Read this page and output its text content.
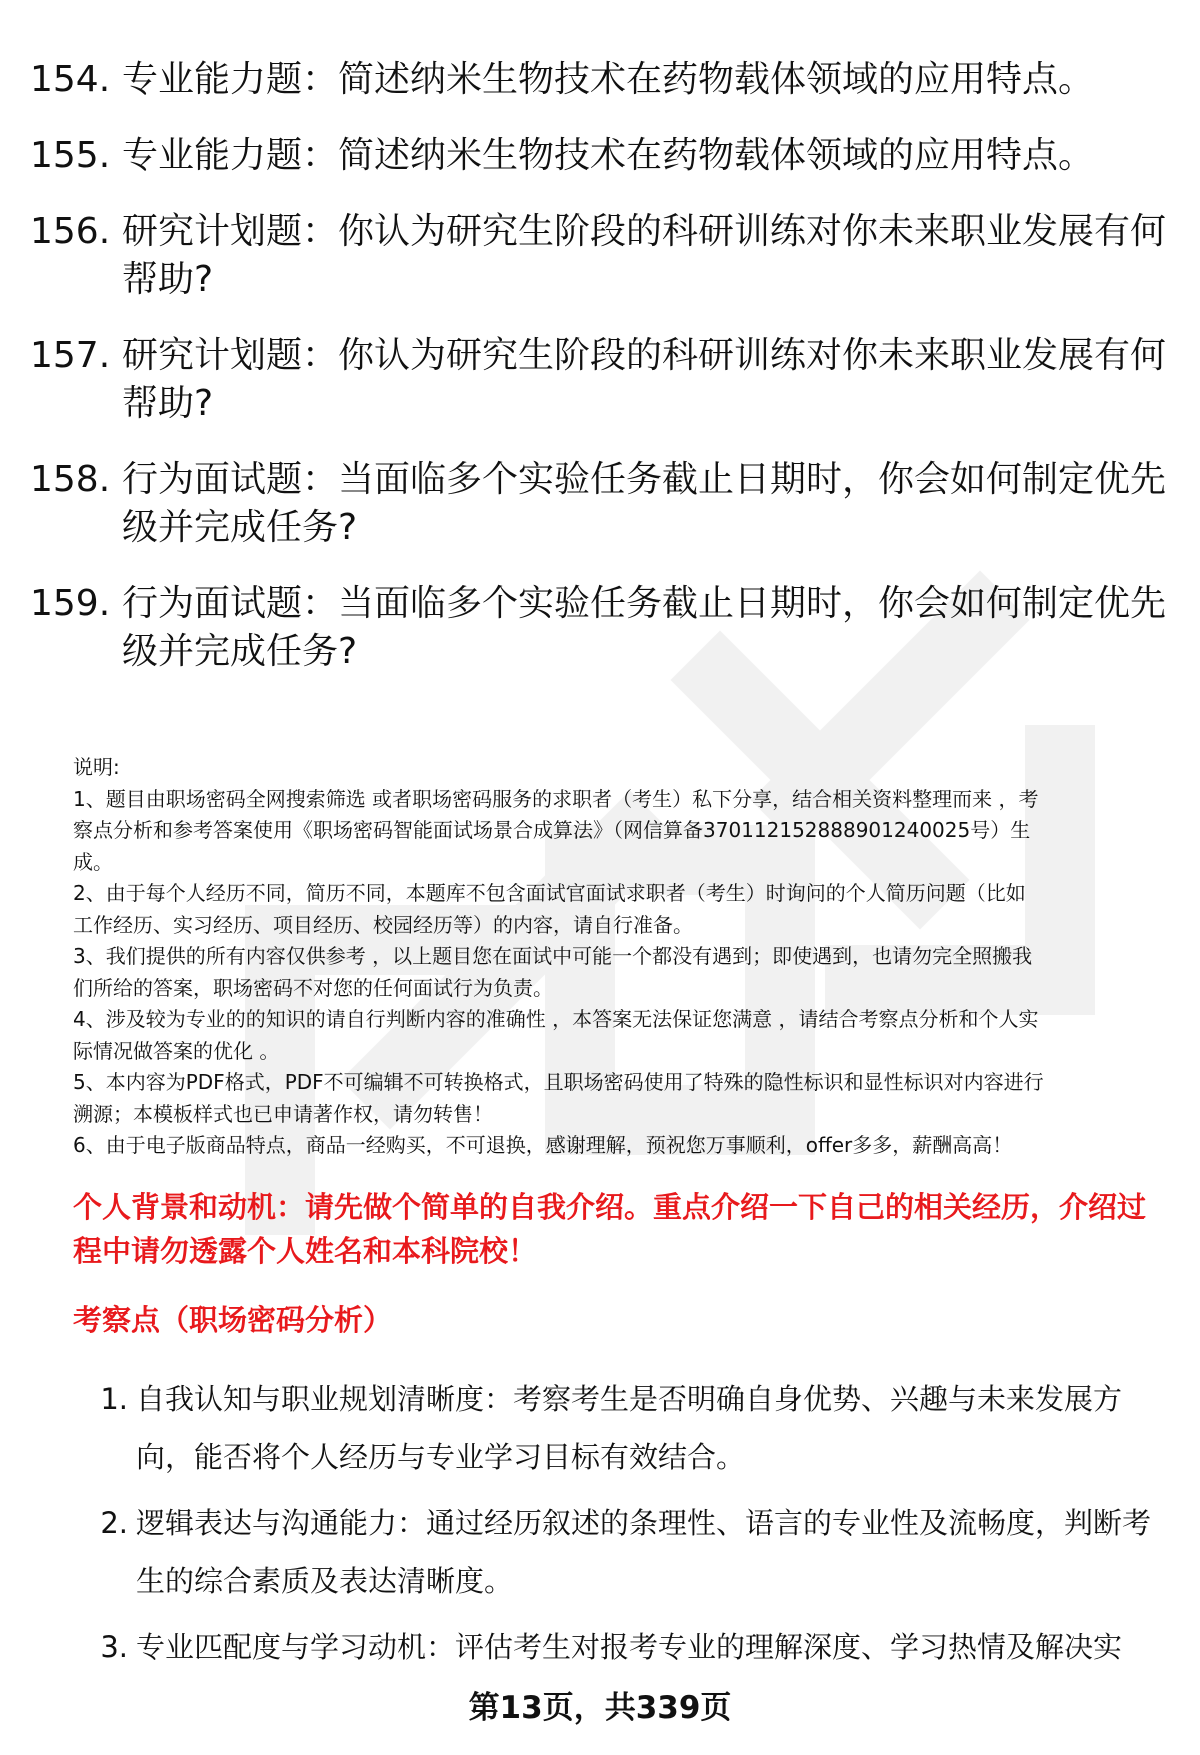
154. 专业能力题 ： 简述纳米生物技术在药物载体领域的应用特点。
155. 专业能力题 ： 简述纳米生物技术在药物载体领域的应用特点。
156. 研究计划题 ： 你认为研究生阶段的科研训练对你未来职业发展有何帮助?
157. 研究计划题 ： 你认为研究生阶段的科研训练对你未来职业发展有何帮助?
158. 行为面试题 ： 当面临多个实验任务截止日期时，你会如何制定优先级并完成任务?
159. 行为面试题 ： 当面临多个实验任务截止日期时，你会如何制定优先级并完成任务?
说明:
1、题目由职场密码全网搜索筛选 或者职场密码服务的求职者（考生）私下分享，结合相关资料整理而来 ，考
察点分析和参考答案使用《职场密码智能面试场景合成算法》（网信算备370112152888901240025号）生
成。
2、由于每个人经历不同，简历不同，本题库不包含面试官面试求职者（考生）时询问的个人简历问题（比如
工作经历、实习经历、项目经历、校园经历等）的内容，请自行准备。
3、我们提供的所有内容仅供参考 ，以上题目您在面试中可能一个都没有遇到；即使遇到，也请勿完全照搬我
们所给的答案，职场密码不对您的任何面试行为负责。
4、涉及较为专业的的知识的请自行判断内容的准确性 ，本答案无法保证您满意 ，请结合考察点分析和个人实
际情况做答案的优化 。
5、本内容为PDF格式，PDF不可编辑不可转换格式，且职场密码使用了特殊的隐性标识和显性标识对内容进行
溯源；本模板样式也已申请著作权，请勿转售！
6、由于电子版商品特点，商品一经购买，不可退换，感谢理解，预祝您万事顺利，offer多多，薪酬高高！
个人背景和动机：请先做个简单的自我介绍。重点介绍一下自己的相关经历，介绍过程中请勿透露个人姓名和本科院校！
考察点（职场密码分析）
1. 自我认知与职业规划清晰度：考察考生是否明确自身优势、兴趣与未来发展方向，能否将个人经历与专业学习目标有效结合。
2. 逻辑表达与沟通能力：通过经历叙述的条理性、语言的专业性及流畅度，判断考生的综合素质及表达清晰度。
3. 专业匹配度与学习动机：评估考生对报考专业的理解深度、学习热情及解决实
第13页，共339页
